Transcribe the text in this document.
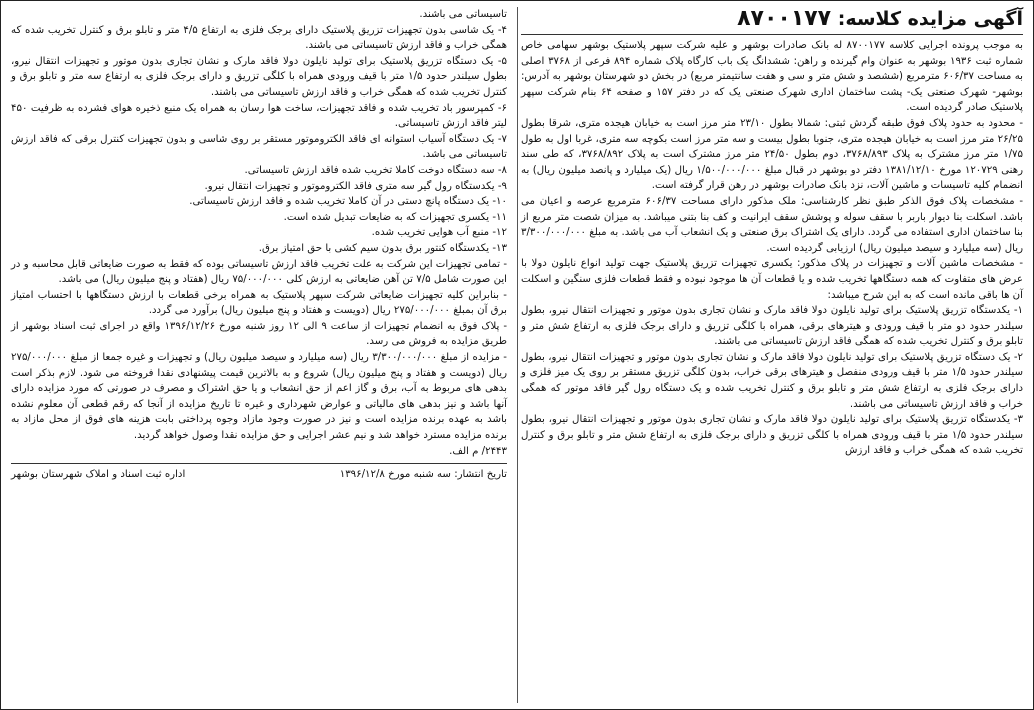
آگهی مزایده کلاسه: ۸۷۰۰۱۷۷

به موجب پرونده اجرایی کلاسه ۸۷۰۰۱۷۷ له بانک صادرات بوشهر و علیه شرکت سپهر پلاستیک بوشهر سهامی خاص شماره ثبت ۱۹۳۶ بوشهر به عنوان وام گیرنده و راهن: ششدانگ یک باب کارگاه پلاک شماره ۸۹۴ فرعی از ۳۷۶۸ اصلی به مساحت ۶۰۶/۳۷ مترمربع (ششصد و شش متر و سی و هفت سانتیمتر مربع) در بخش دو شهرستان بوشهر به آدرس: بوشهر- شهرک صنعتی یک- پشت ساختمان اداری شهرک صنعتی یک که در دفتر ۱۵۷ و صفحه ۶۴ بنام شرکت سپهر پلاستیک صادر گردیده است.

- محدود به حدود پلاک فوق طبقه گردش ثبتی: شمالا بطول ۲۳/۱۰ متر مرز است به خیابان هیجده متری، شرقا بطول ۲۶/۲۵ متر مرز است به خیابان هیجده متری، جنوبا بطول بیست و سه متر مرز است بکوچه سه متری، غربا اول به طول ۱/۷۵ متر مرز مشترک به پلاک ۳۷۶۸/۸۹۳، دوم بطول ۲۴/۵۰ متر مرز مشترک است به پلاک ۳۷۶۸/۸۹۲، که طی سند رهنی ۱۲۰۷۲۹ مورخ ۱۳۸۱/۱۲/۱۰ دفتر دو بوشهر در قبال مبلغ ۱/۵۰۰/۰۰۰/۰۰۰ ریال (یک میلیارد و پانصد میلیون ریال) به انضمام کلیه تاسیسات و ماشین آلات، نزد بانک صادرات بوشهر در رهن قرار گرفته است.

- مشخصات پلاک فوق الذکر طبق نظر کارشناسی: ملک مذکور دارای مساحت ۶۰۶/۳۷ مترمربع عرصه و اعیان می باشد. اسکلت بنا دیوار باربر با سقف سوله و پوشش سقف ایرانیت و کف بنا بتنی میباشد. به میزان شصت متر مربع از بنا ساختمان اداری استفاده می گردد. دارای یک اشتراک برق صنعتی و یک انشعاب آب می باشد. به مبلغ ۳/۳۰۰/۰۰۰/۰۰۰ ریال (سه میلیارد و سیصد میلیون ریال) ارزیابی گردیده است.

- مشخصات ماشین آلات و تجهیزات در پلاک مذکور: یکسری تجهیزات تزریق پلاستیک جهت تولید انواع نایلون دولا با عرض های متفاوت که همه دستگاهها تخریب شده و یا قطعات آن ها موجود نبوده و فقط قطعات فلزی سنگین و اسکلت آن ها باقی مانده است که به این شرح میباشد:

۱- یکدستگاه تزریق پلاستیک برای تولید نایلون دولا فاقد مارک و نشان تجاری بدون موتور و تجهیزات انتقال نیرو، بطول سیلندر حدود دو متر با قیف ورودی و هیترهای برقی، همراه با کلگی تزریق و دارای برجک فلزی به ارتفاع شش متر و تابلو برق و کنترل تخریب شده که همگی فاقد ارزش تاسیساتی می باشند.

۲- یک دستگاه تزریق پلاستیک برای تولید نایلون دولا فاقد مارک و نشان تجاری بدون موتور و تجهیزات انتقال نیرو، بطول سیلندر حدود ۱/۵ متر با قیف ورودی منفصل و هیترهای برقی خراب، بدون کلگی تزریق مستقر بر روی یک میز فلزی و دارای برجک فلزی به ارتفاع شش متر و تابلو برق و کنترل تخریب شده و یک دستگاه رول گیر فاقد موتور که همگی خراب و فاقد ارزش تاسیساتی می باشند.

۳- یکدستگاه تزریق پلاستیک برای تولید نایلون دولا فاقد مارک و نشان تجاری بدون موتور و تجهیزات انتقال نیرو، بطول سیلندر حدود ۱/۵ متر با قیف ورودی همراه با کلگی تزریق و دارای برجک فلزی به ارتفاع شش متر و تابلو برق و کنترل تخریب شده که همگی خراب و فاقد ارزش

تاسیساتی می باشند.

۴- یک شاسی بدون تجهیزات تزریق پلاستیک دارای برجک فلزی به ارتفاع ۴/۵ متر و تابلو برق و کنترل تخریب شده که همگی خراب و فاقد ارزش تاسیساتی می باشند.

۵- یک دستگاه تزریق پلاستیک برای تولید نایلون دولا فاقد مارک و نشان تجاری بدون موتور و تجهیزات انتقال نیرو، بطول سیلندر حدود ۱/۵ متر با قیف ورودی همراه با کلگی تزریق و دارای برجک فلزی به ارتفاع سه متر و تابلو برق و کنترل تخریب شده که همگی خراب و فاقد ارزش تاسیساتی می باشند.

۶- کمپرسور باد تخریب شده و فاقد تجهیزات، ساخت هوا رسان به همراه یک منبع ذخیره هوای فشرده به ظرفیت ۴۵۰ لیتر فاقد ارزش تاسیساتی.

۷- یک دستگاه آسیاب استوانه ای فاقد الکتروموتور مستقر بر روی شاسی و بدون تجهیزات کنترل برقی که فاقد ارزش تاسیساتی می باشد.

۸- سه دستگاه دوخت کاملا تخریب شده فاقد ارزش تاسیساتی.

۹- یکدستگاه رول گیر سه متری فاقد الکتروموتور و تجهیزات انتقال نیرو.

۱۰- یک دستگاه پانچ دستی در آن کاملا تخریب شده و فاقد ارزش تاسیساتی.

۱۱- یکسری تجهیزات که به ضایعات تبدیل شده است.

۱۲- منبع آب هوایی تخریب شده.

۱۳- یکدستگاه کنتور برق بدون سیم کشی با حق امتیاز برق.

- تمامی تجهیزات این شرکت به علت تخریب فاقد ارزش تاسیساتی بوده که فقط به صورت ضایعاتی قابل محاسبه و در این صورت شامل ۷/۵ تن آهن ضایعاتی به ارزش کلی ۷۵/۰۰۰/۰۰۰ ریال (هفتاد و پنج میلیون ریال) می باشد.

- بنابراین کلیه تجهیزات ضایعاتی شرکت سپهر پلاستیک به همراه برخی قطعات با ارزش دستگاهها با احتساب امتیاز برق آن بمبلغ ۲۷۵/۰۰۰/۰۰۰ ریال (دویست و هفتاد و پنج میلیون ریال) برآورد می گردد.

- پلاک فوق به انضمام تجهیزات از ساعت ۹ الی ۱۲ روز شنبه مورخ ۱۳۹۶/۱۲/۲۶ واقع در اجرای ثبت اسناد بوشهر از طریق مزایده به فروش می رسد.

- مزایده از مبلغ ۳/۳۰۰/۰۰۰/۰۰۰ ریال (سه میلیارد و سیصد میلیون ریال) و تجهیزات و غیره جمعا از مبلغ ۲۷۵/۰۰۰/۰۰۰ ریال (دویست و هفتاد و پنج میلیون ریال) شروع و به بالاترین قیمت پیشنهادی نقدا فروخته می شود. لازم بذکر است بدهی های مربوط به آب، برق و گاز اعم از حق انشعاب و یا حق اشتراک و مصرف در صورتی که مورد مزایده دارای آنها باشد و نیز بدهی های مالیاتی و عوارض شهرداری و غیره تا تاریخ مزایده از آنجا که رقم قطعی آن معلوم نشده باشد به عهده برنده مزایده است و نیز در صورت وجود مازاد وجوه پرداختی بابت هزینه های فوق از محل مازاد به برنده مزایده مسترد خواهد شد و نیم عشر اجرایی و حق مزایده نقدا وصول خواهد گردید.

۲۴۴۳/ م الف.

تاریخ انتشار: سه شنبه مورخ ۱۳۹۶/۱۲/۸
اداره ثبت اسناد و املاک شهرستان بوشهر
